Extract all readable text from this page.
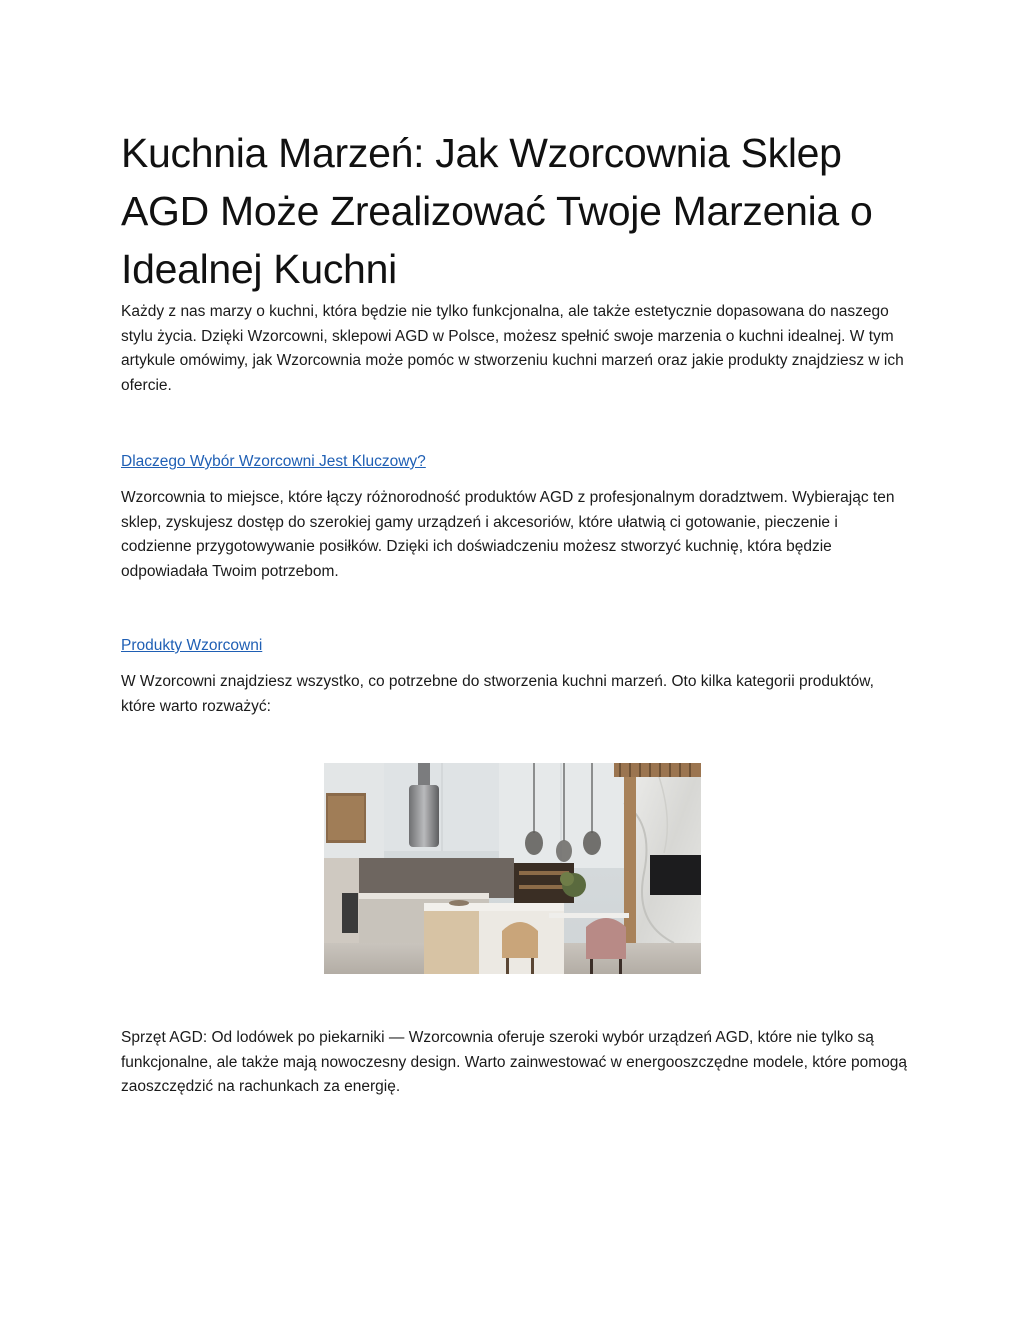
Kuchnia Marzeń: Jak Wzorcownia Sklep AGD Może Zrealizować Twoje Marzenia o Idealnej Kuchni

Każdy z nas marzy o kuchni, która będzie nie tylko funkcjonalna, ale także estetycznie dopasowana do naszego stylu życia. Dzięki Wzorcowni, sklepowi AGD w Polsce, możesz spełnić swoje marzenia o kuchni idealnej. W tym artykule omówimy, jak Wzorcownia może pomóc w stworzeniu kuchni marzeń oraz jakie produkty znajdziesz w ich ofercie.

Dlaczego Wybór Wzorcowni Jest Kluczowy?

Wzorcownia to miejsce, które łączy różnorodność produktów AGD z profesjonalnym doradztwem. Wybierając ten sklep, zyskujesz dostęp do szerokiej gamy urządzeń i akcesoriów, które ułatwią ci gotowanie, pieczenie i codzienne przygotowywanie posiłków. Dzięki ich doświadczeniu możesz stworzyć kuchnię, która będzie odpowiadała Twoim potrzebom.

Produkty Wzorcowni

W Wzorcowni znajdziesz wszystko, co potrzebne do stworzenia kuchni marzeń. Oto kilka kategorii produktów, które warto rozważyć:

Sprzęt AGD: Od lodówek po piekarniki — Wzorcownia oferuje szeroki wybór urządzeń AGD, które nie tylko są funkcjonalne, ale także mają nowoczesny design. Warto zainwestować w energooszczędne modele, które pomogą zaoszczędzić na rachunkach za energię.
